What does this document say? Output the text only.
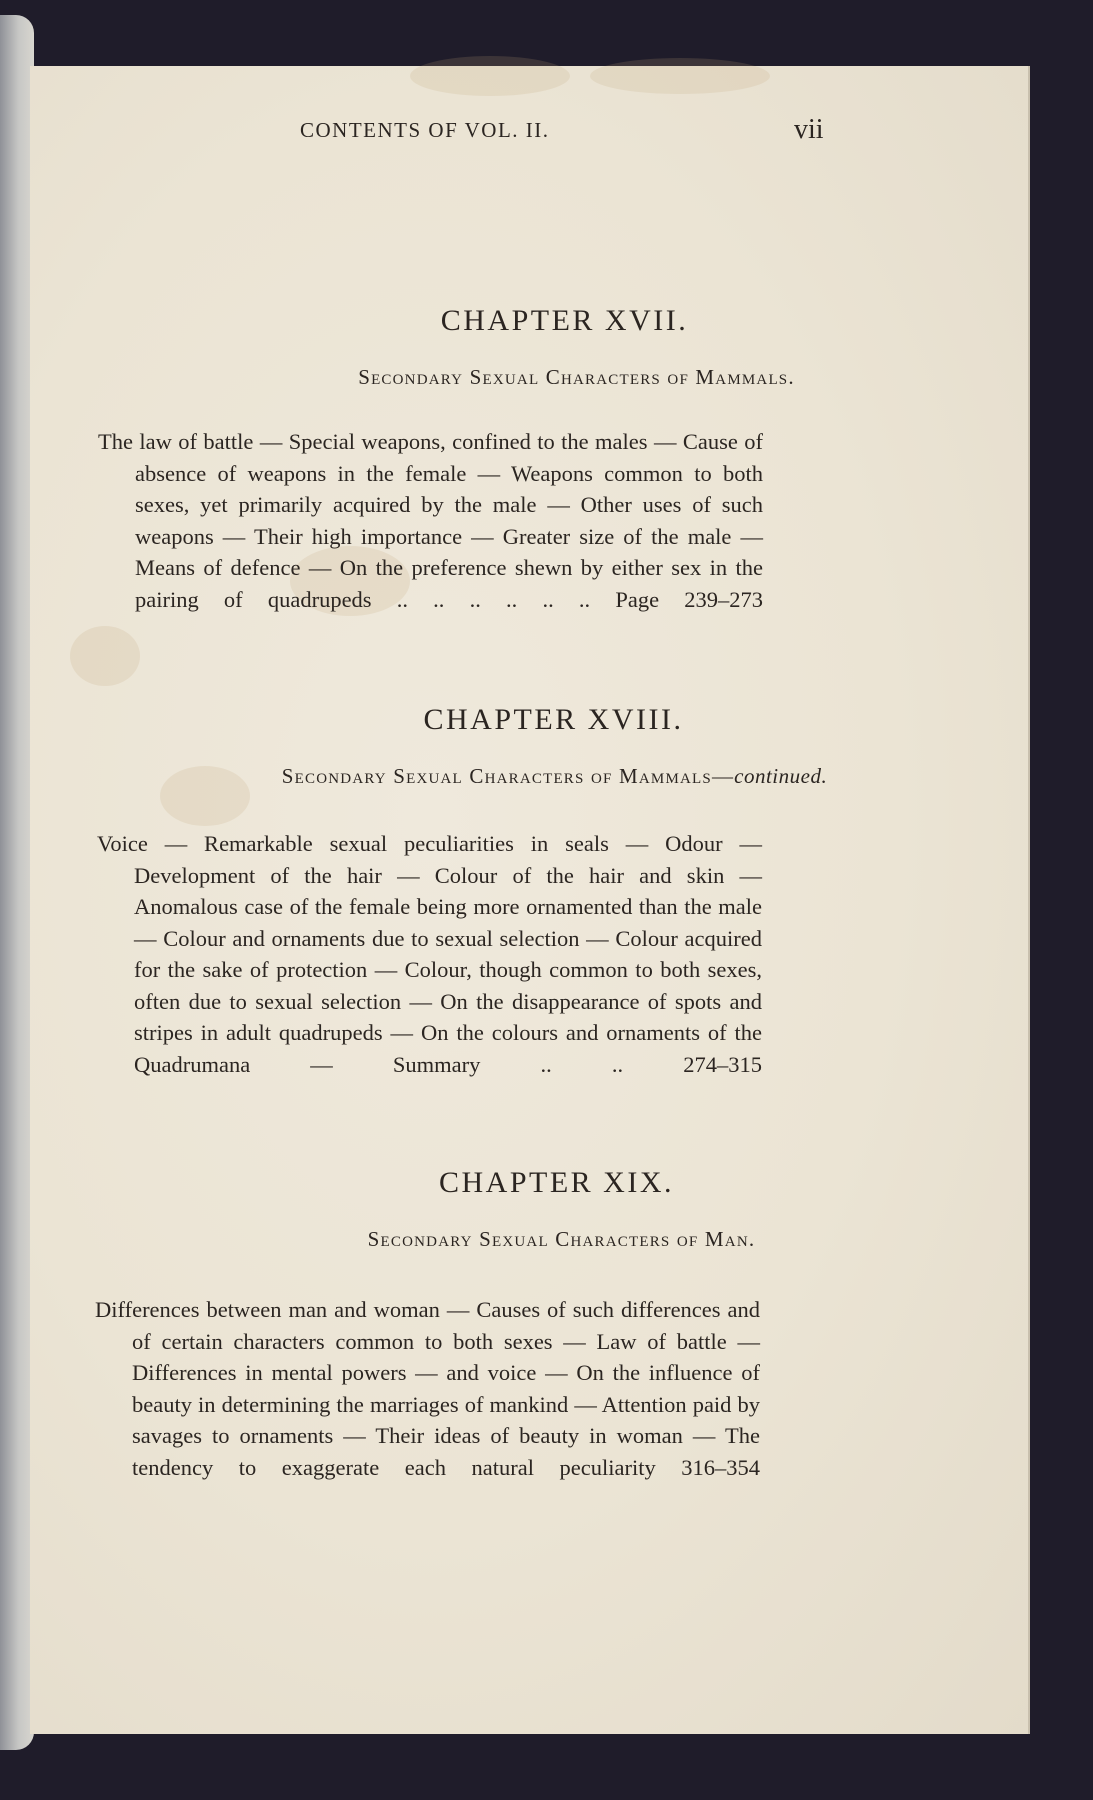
CONTENTS OF VOL. II.	vii
CHAPTER XVII.
Secondary Sexual Characters of Mammals.
The law of battle — Special weapons, confined to the males — Cause of absence of weapons in the female — Weapons common to both sexes, yet primarily acquired by the male — Other uses of such weapons — Their high importance — Greater size of the male — Means of defence — On the preference shewn by either sex in the pairing of quadrupeds .. .. .. .. .. .. Page 239–273
CHAPTER XVIII.
Secondary Sexual Characters of Mammals—continued.
Voice — Remarkable sexual peculiarities in seals — Odour — Development of the hair — Colour of the hair and skin — Anomalous case of the female being more ornamented than the male — Colour and ornaments due to sexual selection — Colour acquired for the sake of protection — Colour, though common to both sexes, often due to sexual selection — On the disappearance of spots and stripes in adult quadrupeds — On the colours and ornaments of the Quadrumana — Summary .. .. 274–315
CHAPTER XIX.
Secondary Sexual Characters of Man.
Differences between man and woman — Causes of such differences and of certain characters common to both sexes — Law of battle — Differences in mental powers — and voice — On the influence of beauty in determining the marriages of mankind — Attention paid by savages to ornaments — Their ideas of beauty in woman — The tendency to exaggerate each natural peculiarity 316–354
